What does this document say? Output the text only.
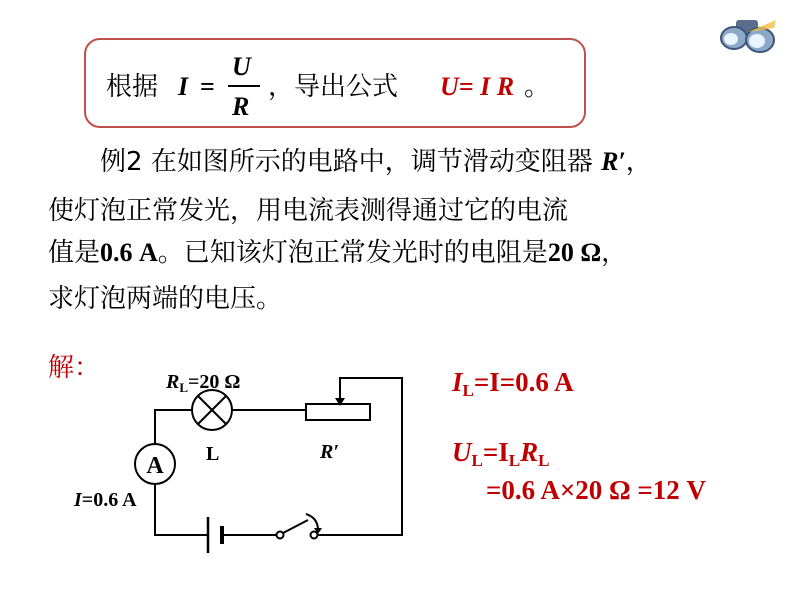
根据 I =
U
R
，导出公式 U= I R 。
例2 在如图所示的电路中，调节滑动变阻器 R′，
使灯泡正常发光，用电流表测得通过它的电流
值是0.6 A。已知该灯泡正常发光时的电阻是20 Ω，
求灯泡两端的电压。
解：	$I_L=I=0.6$ A
$U_L=I_LR_L$
=0.6 A×20 Ω =12 V
A
$R_L=20$ Ω
L	R′
I=0.6 A
